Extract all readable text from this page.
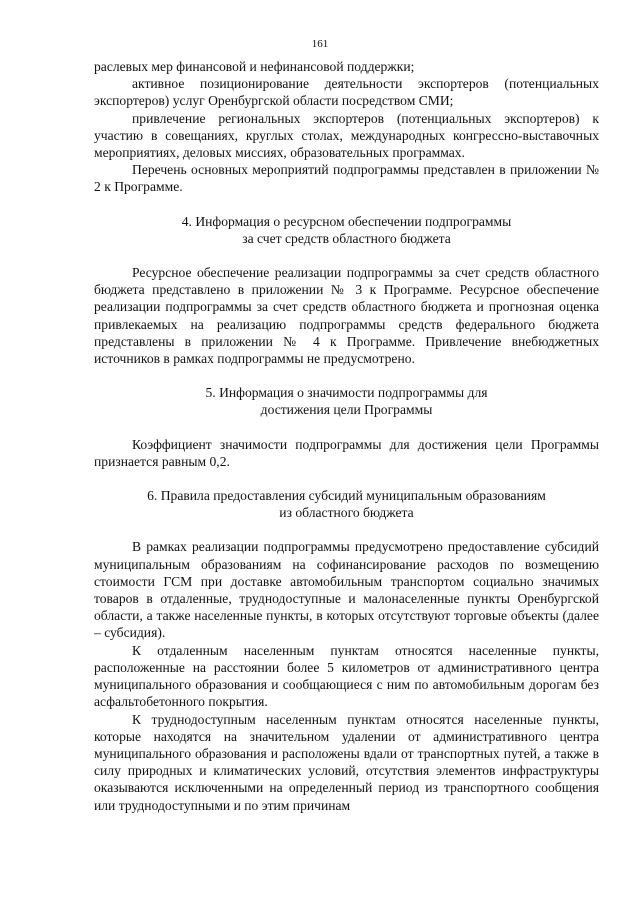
161

раслевых мер финансовой и нефинансовой поддержки;

активное позиционирование деятельности экспортеров (потенциальных экспортеров) услуг Оренбургской области посредством СМИ;

привлечение региональных экспортеров (потенциальных экспортеров) к участию в совещаниях, круглых столах, международных конгрессно-выставочных мероприятиях, деловых миссиях, образовательных программах.

Перечень основных мероприятий подпрограммы представлен в приложении № 2 к Программе.

4. Информация о ресурсном обеспечении подпрограммы
за счет средств областного бюджета

Ресурсное обеспечение реализации подпрограммы за счет средств областного бюджета представлено в приложении № 3 к Программе. Ресурсное обеспечение реализации подпрограммы за счет средств областного бюджета и прогнозная оценка привлекаемых на реализацию подпрограммы средств федерального бюджета представлены в приложении № 4 к Программе. Привлечение внебюджетных источников в рамках подпрограммы не предусмотрено.

5. Информация о значимости подпрограммы для
достижения цели Программы

Коэффициент значимости подпрограммы для достижения цели Программы признается равным 0,2.

6. Правила предоставления субсидий муниципальным образованиям
из областного бюджета

В рамках реализации подпрограммы предусмотрено предоставление субсидий муниципальным образованиям на софинансирование расходов по возмещению стоимости ГСМ при доставке автомобильным транспортом социально значимых товаров в отдаленные, труднодоступные и малонаселенные пункты Оренбургской области, а также населенные пункты, в которых отсутствуют торговые объекты (далее – субсидия).

К отдаленным населенным пунктам относятся населенные пункты, расположенные на расстоянии более 5 километров от административного центра муниципального образования и сообщающиеся с ним по автомобильным дорогам без асфальтобетонного покрытия.

К труднодоступным населенным пунктам относятся населенные пункты, которые находятся на значительном удалении от административного центра муниципального образования и расположены вдали от транспортных путей, а также в силу природных и климатических условий, отсутствия элементов инфраструктуры оказываются исключенными на определенный период из транспортного сообщения или труднодоступными и по этим причинам
